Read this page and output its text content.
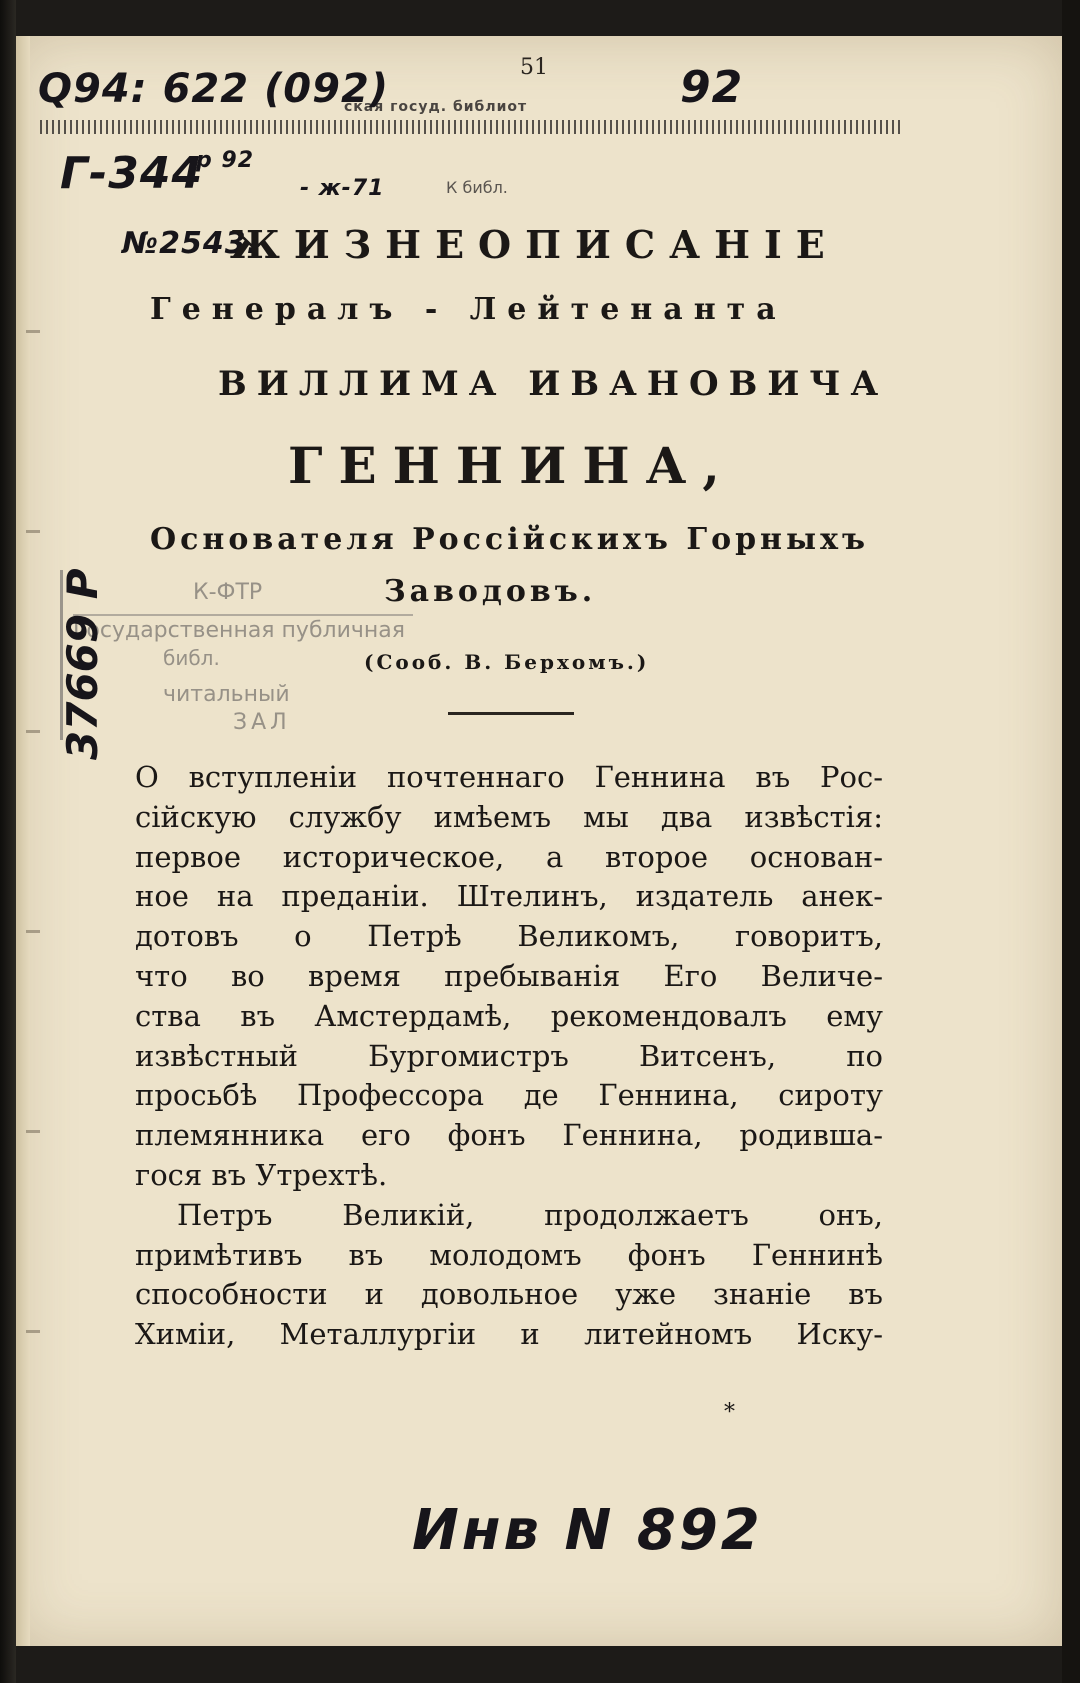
51
ская госуд. библиот
К библ.
Q94: 622 (092)	92
Г-344
р 92
- ж-71
№2543.
К-ФТР
Государственная публичная
библ.
читальный
ЗАЛ
37669 Р
ЖИЗНЕОПИСАНІЕ
Генералъ - Лейтенанта
ВИЛЛИМА ИВАНОВИЧА
ГЕННИНА,
Основателя Россійскихъ Горныхъ
Заводовъ.
(Сооб. В. Берхомъ.)
О вступленіи почтеннаго Геннина въ Рос-
сійскую службу имѣемъ мы два извѣстія:
первое историческое, а второе основан-
ное на преданіи. Штелинъ, издатель анек-
дотовъ о Петрѣ Великомъ, говоритъ,
что во время пребыванія Его Величе-
ства въ Амстердамѣ, рекомендовалъ ему
извѣстный Бургомистръ Витсенъ, по
просьбѣ Профессора де Геннина, сироту
племянника его фонъ Геннина, родившa-
гося въ Утрехтѣ.
Петръ Великій, продолжаетъ онъ,
примѣтивъ въ молодомъ фонъ Геннинѣ
способности и довольное уже знаніе въ
Химіи, Металлургіи и литейномъ Иску-
*
Инв N 892
